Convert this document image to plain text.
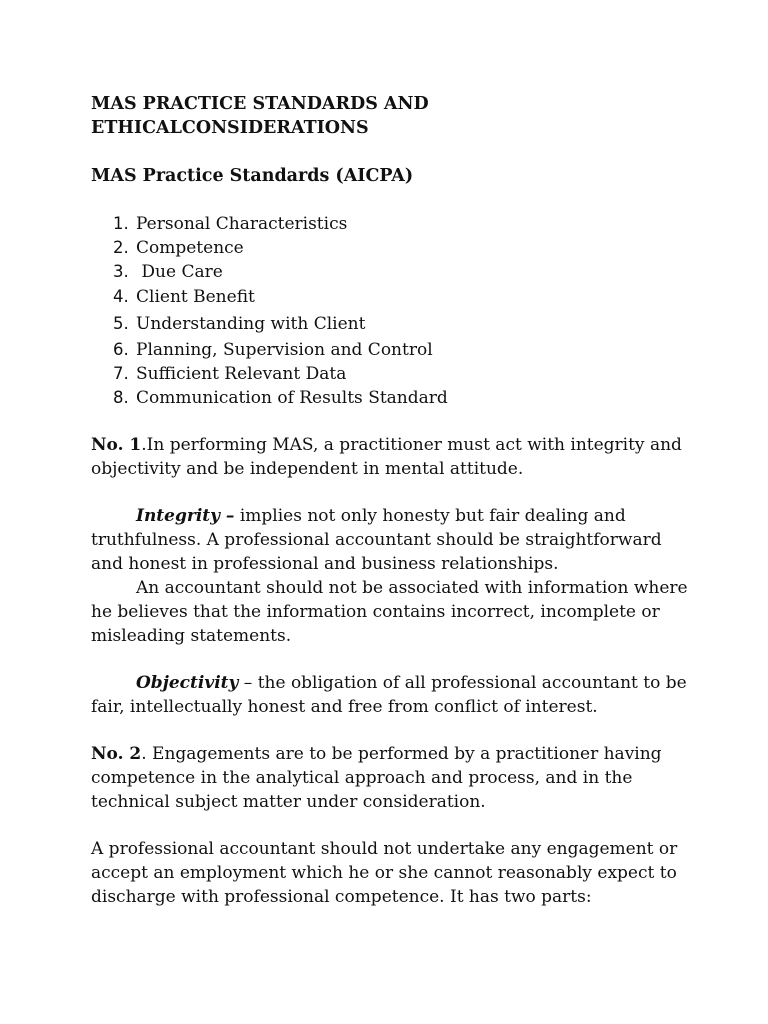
MAS PRACTICE STANDARDS AND
ETHICALCONSIDERATIONS
MAS Practice Standards (AICPA)
1. Personal Characteristics
2. Competence
3. Due Care
4. Client Benefit
5. Understanding with Client
6. Planning, Supervision and Control
7. Sufficient Relevant Data
8. Communication of Results Standard

No. 1.In performing MAS, a practitioner must act with integrity and objectivity and be independent in mental attitude.

Integrity – implies not only honesty but fair dealing and truthfulness. A professional accountant should be straightforward and honest in professional and business relationships.

An accountant should not be associated with information where he believes that the information contains incorrect, incomplete or misleading statements.

Objectivity – the obligation of all professional accountant to be fair, intellectually honest and free from conflict of interest.

No. 2. Engagements are to be performed by a practitioner having competence in the analytical approach and process, and in the technical subject matter under consideration.

A professional accountant should not undertake any engagement or accept an employment which he or she cannot reasonably expect to discharge with professional competence. It has two parts:
